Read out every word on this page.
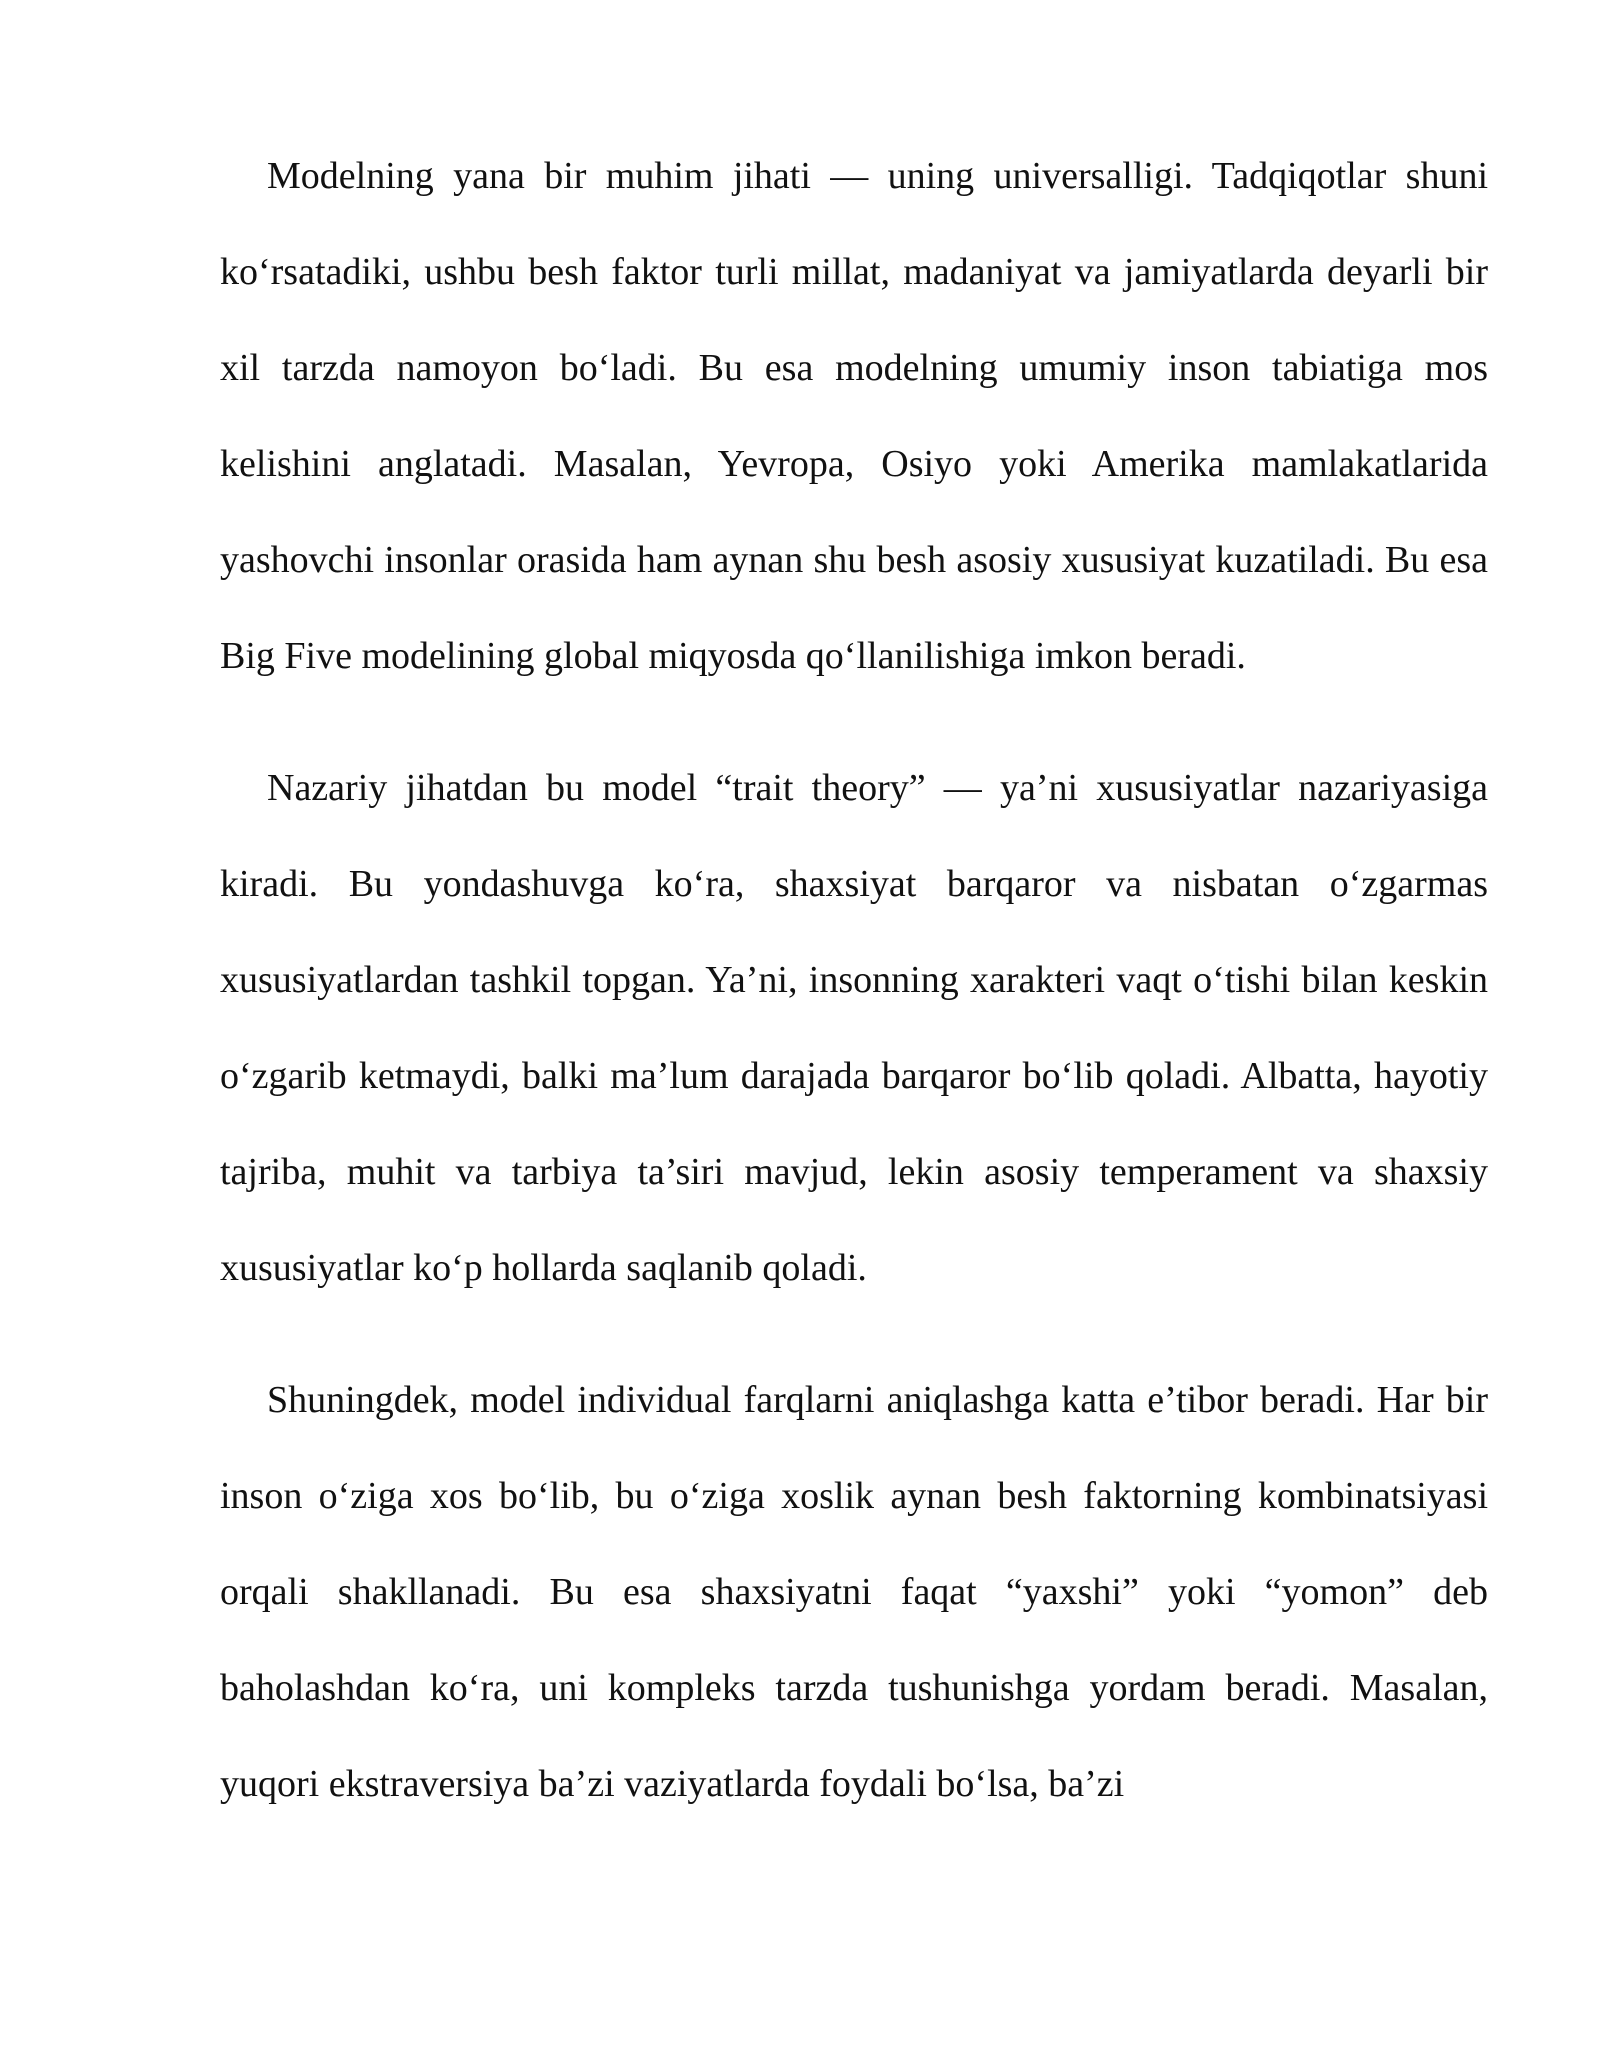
Modelning yana bir muhim jihati — uning universalligi. Tadqiqotlar shuni ko‘rsatadiki, ushbu besh faktor turli millat, madaniyat va jamiyatlarda deyarli bir xil tarzda namoyon bo‘ladi. Bu esa modelning umumiy inson tabiatiga mos kelishini anglatadi. Masalan, Yevropa, Osiyo yoki Amerika mamlakatlarida yashovchi insonlar orasida ham aynan shu besh asosiy xususiyat kuzatiladi. Bu esa Big Five modelining global miqyosda qo‘llanilishiga imkon beradi.

Nazariy jihatdan bu model “trait theory” — ya’ni xususiyatlar nazariyasiga kiradi. Bu yondashuvga ko‘ra, shaxsiyat barqaror va nisbatan o‘zgarmas xususiyatlardan tashkil topgan. Ya’ni, insonning xarakteri vaqt o‘tishi bilan keskin o‘zgarib ketmaydi, balki ma’lum darajada barqaror bo‘lib qoladi. Albatta, hayotiy tajriba, muhit va tarbiya ta’siri mavjud, lekin asosiy temperament va shaxsiy xususiyatlar ko‘p hollarda saqlanib qoladi.

Shuningdek, model individual farqlarni aniqlashga katta e’tibor beradi. Har bir inson o‘ziga xos bo‘lib, bu o‘ziga xoslik aynan besh faktorning kombinatsiyasi orqali shakllanadi. Bu esa shaxsiyatni faqat “yaxshi” yoki “yomon” deb baholashdan ko‘ra, uni kompleks tarzda tushunishga yordam beradi. Masalan, yuqori ekstraversiya ba’zi vaziyatlarda foydali bo‘lsa, ba’zi
